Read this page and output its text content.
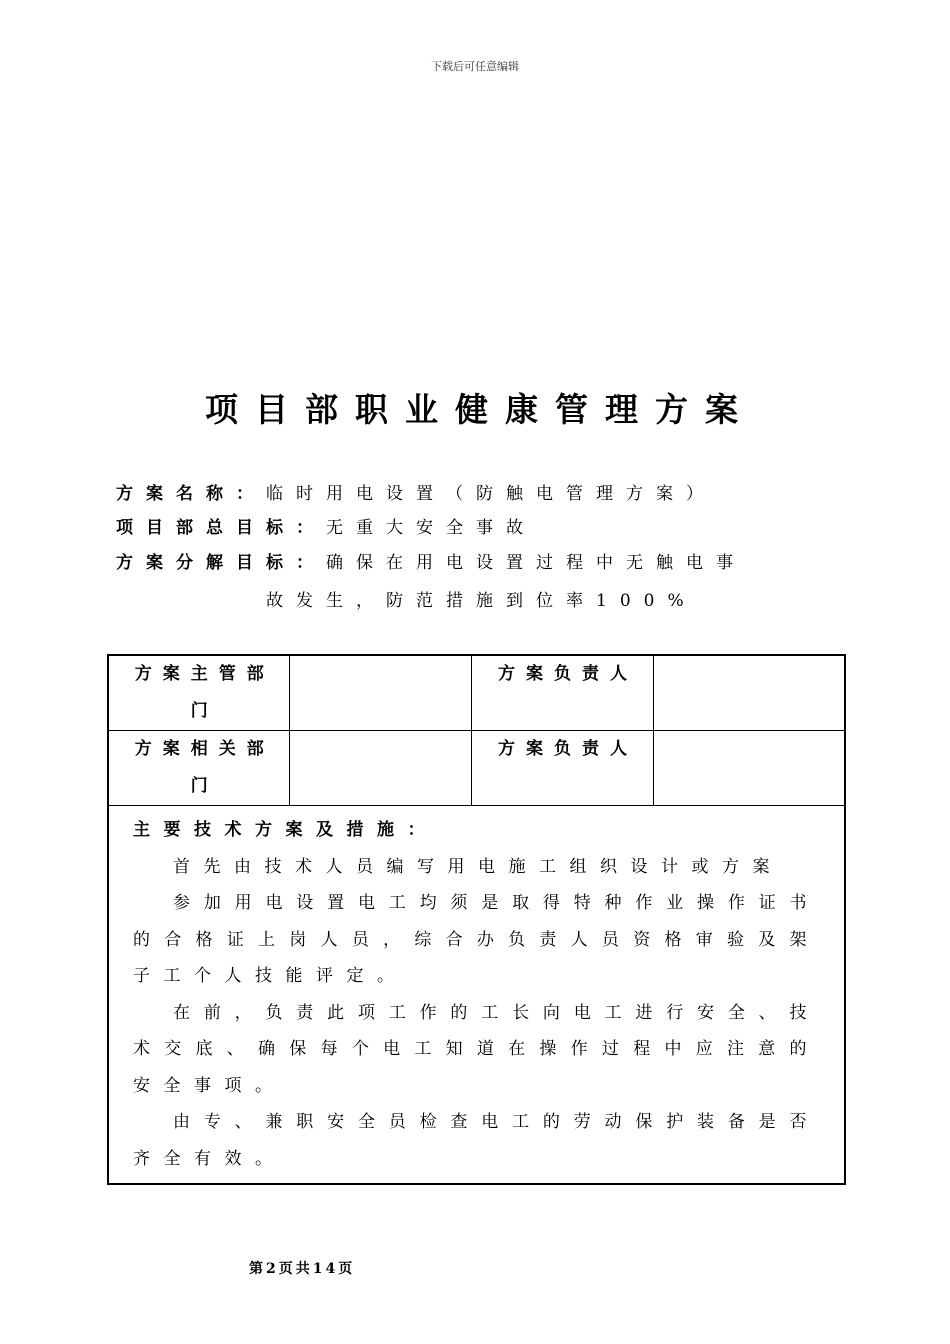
下载后可任意编辑
项目部职业健康管理方案
方案名称：临时用电设置（防触电管理方案）
项目部总目标：无重大安全事故
方案分解目标：确保在用电设置过程中无触电事
故发生，防范措施到位率100%
方案主管部门		方案负责人	
方案相关部门		方案负责人	

主要技术方案及措施：

首先由技术人员编写用电施工组织设计或方案

参加用电设置电工均须是取得特种作业操作证书的合格证上岗人员，综合办负责人员资格审验及架子工个人技能评定。

在前，负责此项工作的工长向电工进行安全、技术交底、确保每个电工知道在操作过程中应注意的安全事项。

由专、兼职安全员检查电工的劳动保护装备是否齐全有效。			

第2页共14页
